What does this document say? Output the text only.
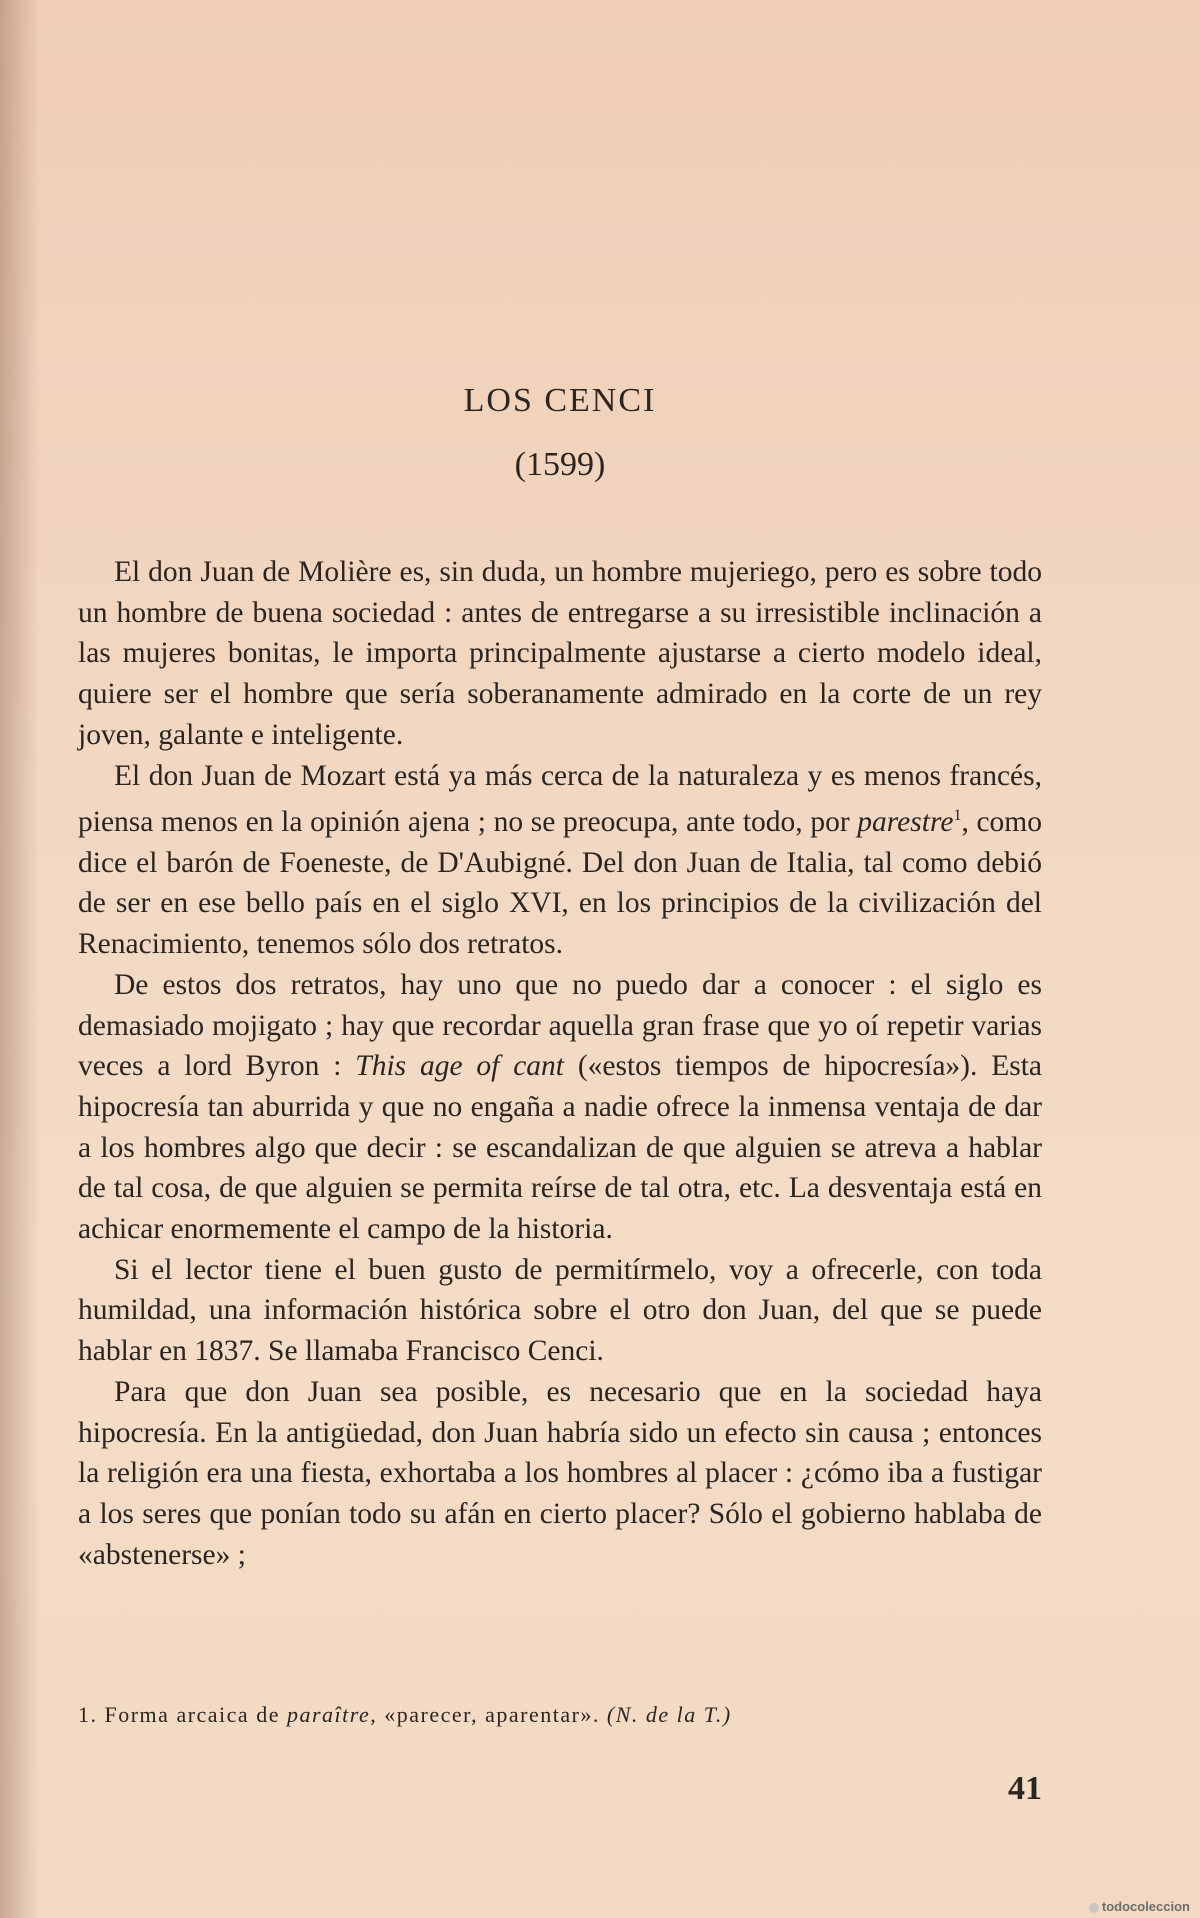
LOS CENCI
(1599)

El don Juan de Molière es, sin duda, un hombre mujeriego, pero es sobre todo un hombre de buena sociedad : antes de entregarse a su irresistible inclinación a las mujeres bonitas, le importa principalmente ajustarse a cierto modelo ideal, quiere ser el hombre que sería soberanamente admirado en la corte de un rey joven, galante e inteligente.

El don Juan de Mozart está ya más cerca de la naturaleza y es menos francés, piensa menos en la opinión ajena ; no se preocupa, ante todo, por parestre$^1$, como dice el barón de Foeneste, de D'Aubigné. Del don Juan de Italia, tal como debió de ser en ese bello país en el siglo XVI, en los principios de la civilización del Renacimiento, tenemos sólo dos retratos.

De estos dos retratos, hay uno que no puedo dar a conocer : el siglo es demasiado mojigato ; hay que recordar aquella gran frase que yo oí repetir varias veces a lord Byron : This age of cant («estos tiempos de hipocresía»). Esta hipocresía tan aburrida y que no engaña a nadie ofrece la inmensa ventaja de dar a los hombres algo que decir : se escandalizan de que alguien se atreva a hablar de tal cosa, de que alguien se permita reírse de tal otra, etc. La desventaja está en achicar enormemente el campo de la historia.

Si el lector tiene el buen gusto de permitírmelo, voy a ofrecerle, con toda humildad, una información histórica sobre el otro don Juan, del que se puede hablar en 1837. Se llamaba Francisco Cenci.

Para que don Juan sea posible, es necesario que en la sociedad haya hipocresía. En la antigüedad, don Juan habría sido un efecto sin causa ; entonces la religión era una fiesta, exhortaba a los hombres al placer : ¿cómo iba a fustigar a los seres que ponían todo su afán en cierto placer? Sólo el gobierno hablaba de «abstenerse» ;

1. Forma arcaica de paraître, «parecer, aparentar». (N. de la T.)
41
todocoleccion
